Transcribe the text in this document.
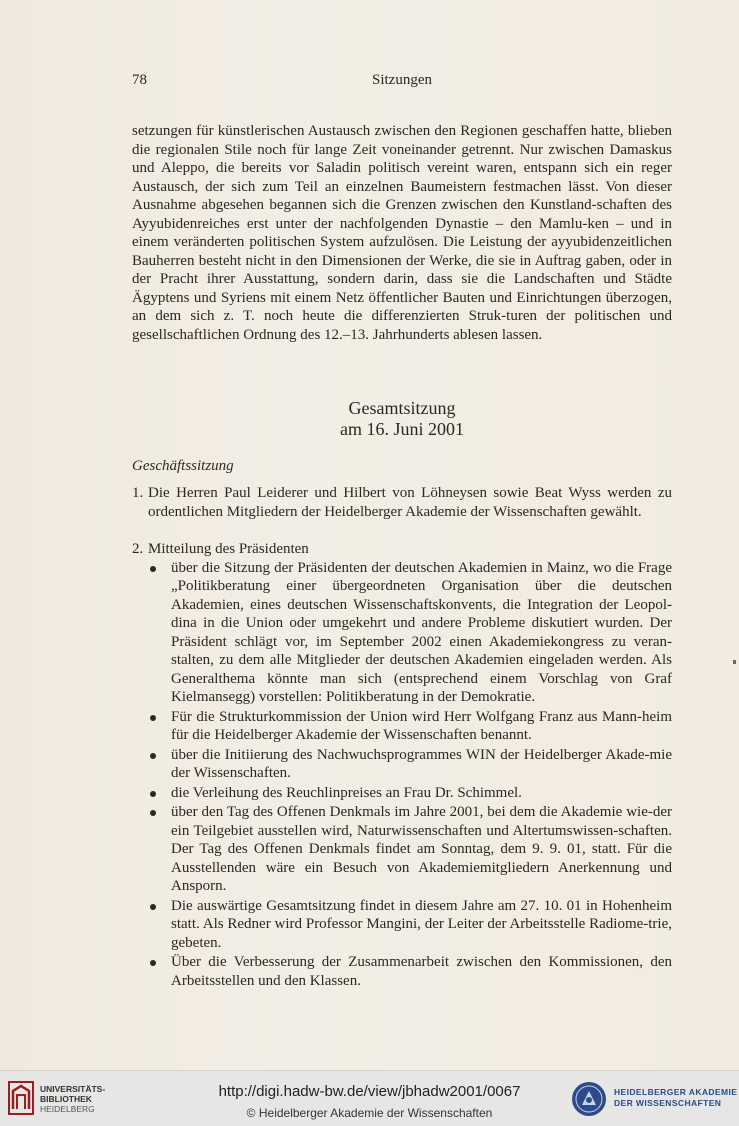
78	Sitzungen

setzungen für künstlerischen Austausch zwischen den Regionen geschaffen hatte, blieben die regionalen Stile noch für lange Zeit voneinander getrennt. Nur zwischen Damaskus und Aleppo, die bereits vor Saladin politisch vereint waren, entspann sich ein reger Austausch, der sich zum Teil an einzelnen Baumeistern festmachen lässt. Von dieser Ausnahme abgesehen begannen sich die Grenzen zwischen den Kunstland-schaften des Ayyubidenreiches erst unter der nachfolgenden Dynastie – den Mamlu-ken – und in einem veränderten politischen System aufzulösen. Die Leistung der ayyubidenzeitlichen Bauherren besteht nicht in den Dimensionen der Werke, die sie in Auftrag gaben, oder in der Pracht ihrer Ausstattung, sondern darin, dass sie die Landschaften und Städte Ägyptens und Syriens mit einem Netz öffentlicher Bauten und Einrichtungen überzogen, an dem sich z. T. noch heute die differenzierten Struk-turen der politischen und gesellschaftlichen Ordnung des 12.–13. Jahrhunderts ablesen lassen.

Gesamtsitzung
am 16. Juni 2001
Geschäftssitzung
1. Die Herren Paul Leiderer und Hilbert von Löhneysen sowie Beat Wyss werden zu ordentlichen Mitgliedern der Heidelberger Akademie der Wissenschaften gewählt.
2. Mitteilung des Präsidenten
über die Sitzung der Präsidenten der deutschen Akademien in Mainz, wo die Frage „Politikberatung einer übergeordneten Organisation über die deutschen Akademien, eines deutschen Wissenschaftskonvents, die Integration der Leopol-dina in die Union oder umgekehrt und andere Probleme diskutiert wurden. Der Präsident schlägt vor, im September 2002 einen Akademiekongress zu veran-stalten, zu dem alle Mitglieder der deutschen Akademien eingeladen werden. Als Generalthema könnte man sich (entsprechend einem Vorschlag von Graf Kielmansegg) vorstellen: Politikberatung in der Demokratie.
Für die Strukturkommission der Union wird Herr Wolfgang Franz aus Mann-heim für die Heidelberger Akademie der Wissenschaften benannt.
über die Initiierung des Nachwuchsprogrammes WIN der Heidelberger Akade-mie der Wissenschaften.
die Verleihung des Reuchlinpreises an Frau Dr. Schimmel.
über den Tag des Offenen Denkmals im Jahre 2001, bei dem die Akademie wie-der ein Teilgebiet ausstellen wird, Naturwissenschaften und Altertumswissen-schaften. Der Tag des Offenen Denkmals findet am Sonntag, dem 9. 9. 01, statt. Für die Ausstellenden wäre ein Besuch von Akademiemitgliedern Anerkennung und Ansporn.
Die auswärtige Gesamtsitzung findet in diesem Jahre am 27. 10. 01 in Hohenheim statt. Als Redner wird Professor Mangini, der Leiter der Arbeitsstelle Radiome-trie, gebeten.
Über die Verbesserung der Zusammenarbeit zwischen den Kommissionen, den Arbeitsstellen und den Klassen.
UNIVERSITÄTS-
BIBLIOTHEK
HEIDELBERG
http://digi.hadw-bw.de/view/jbhadw2001/0067
© Heidelberger Akademie der Wissenschaften
HEIDELBERGER AKADEMIE
DER WISSENSCHAFTEN
